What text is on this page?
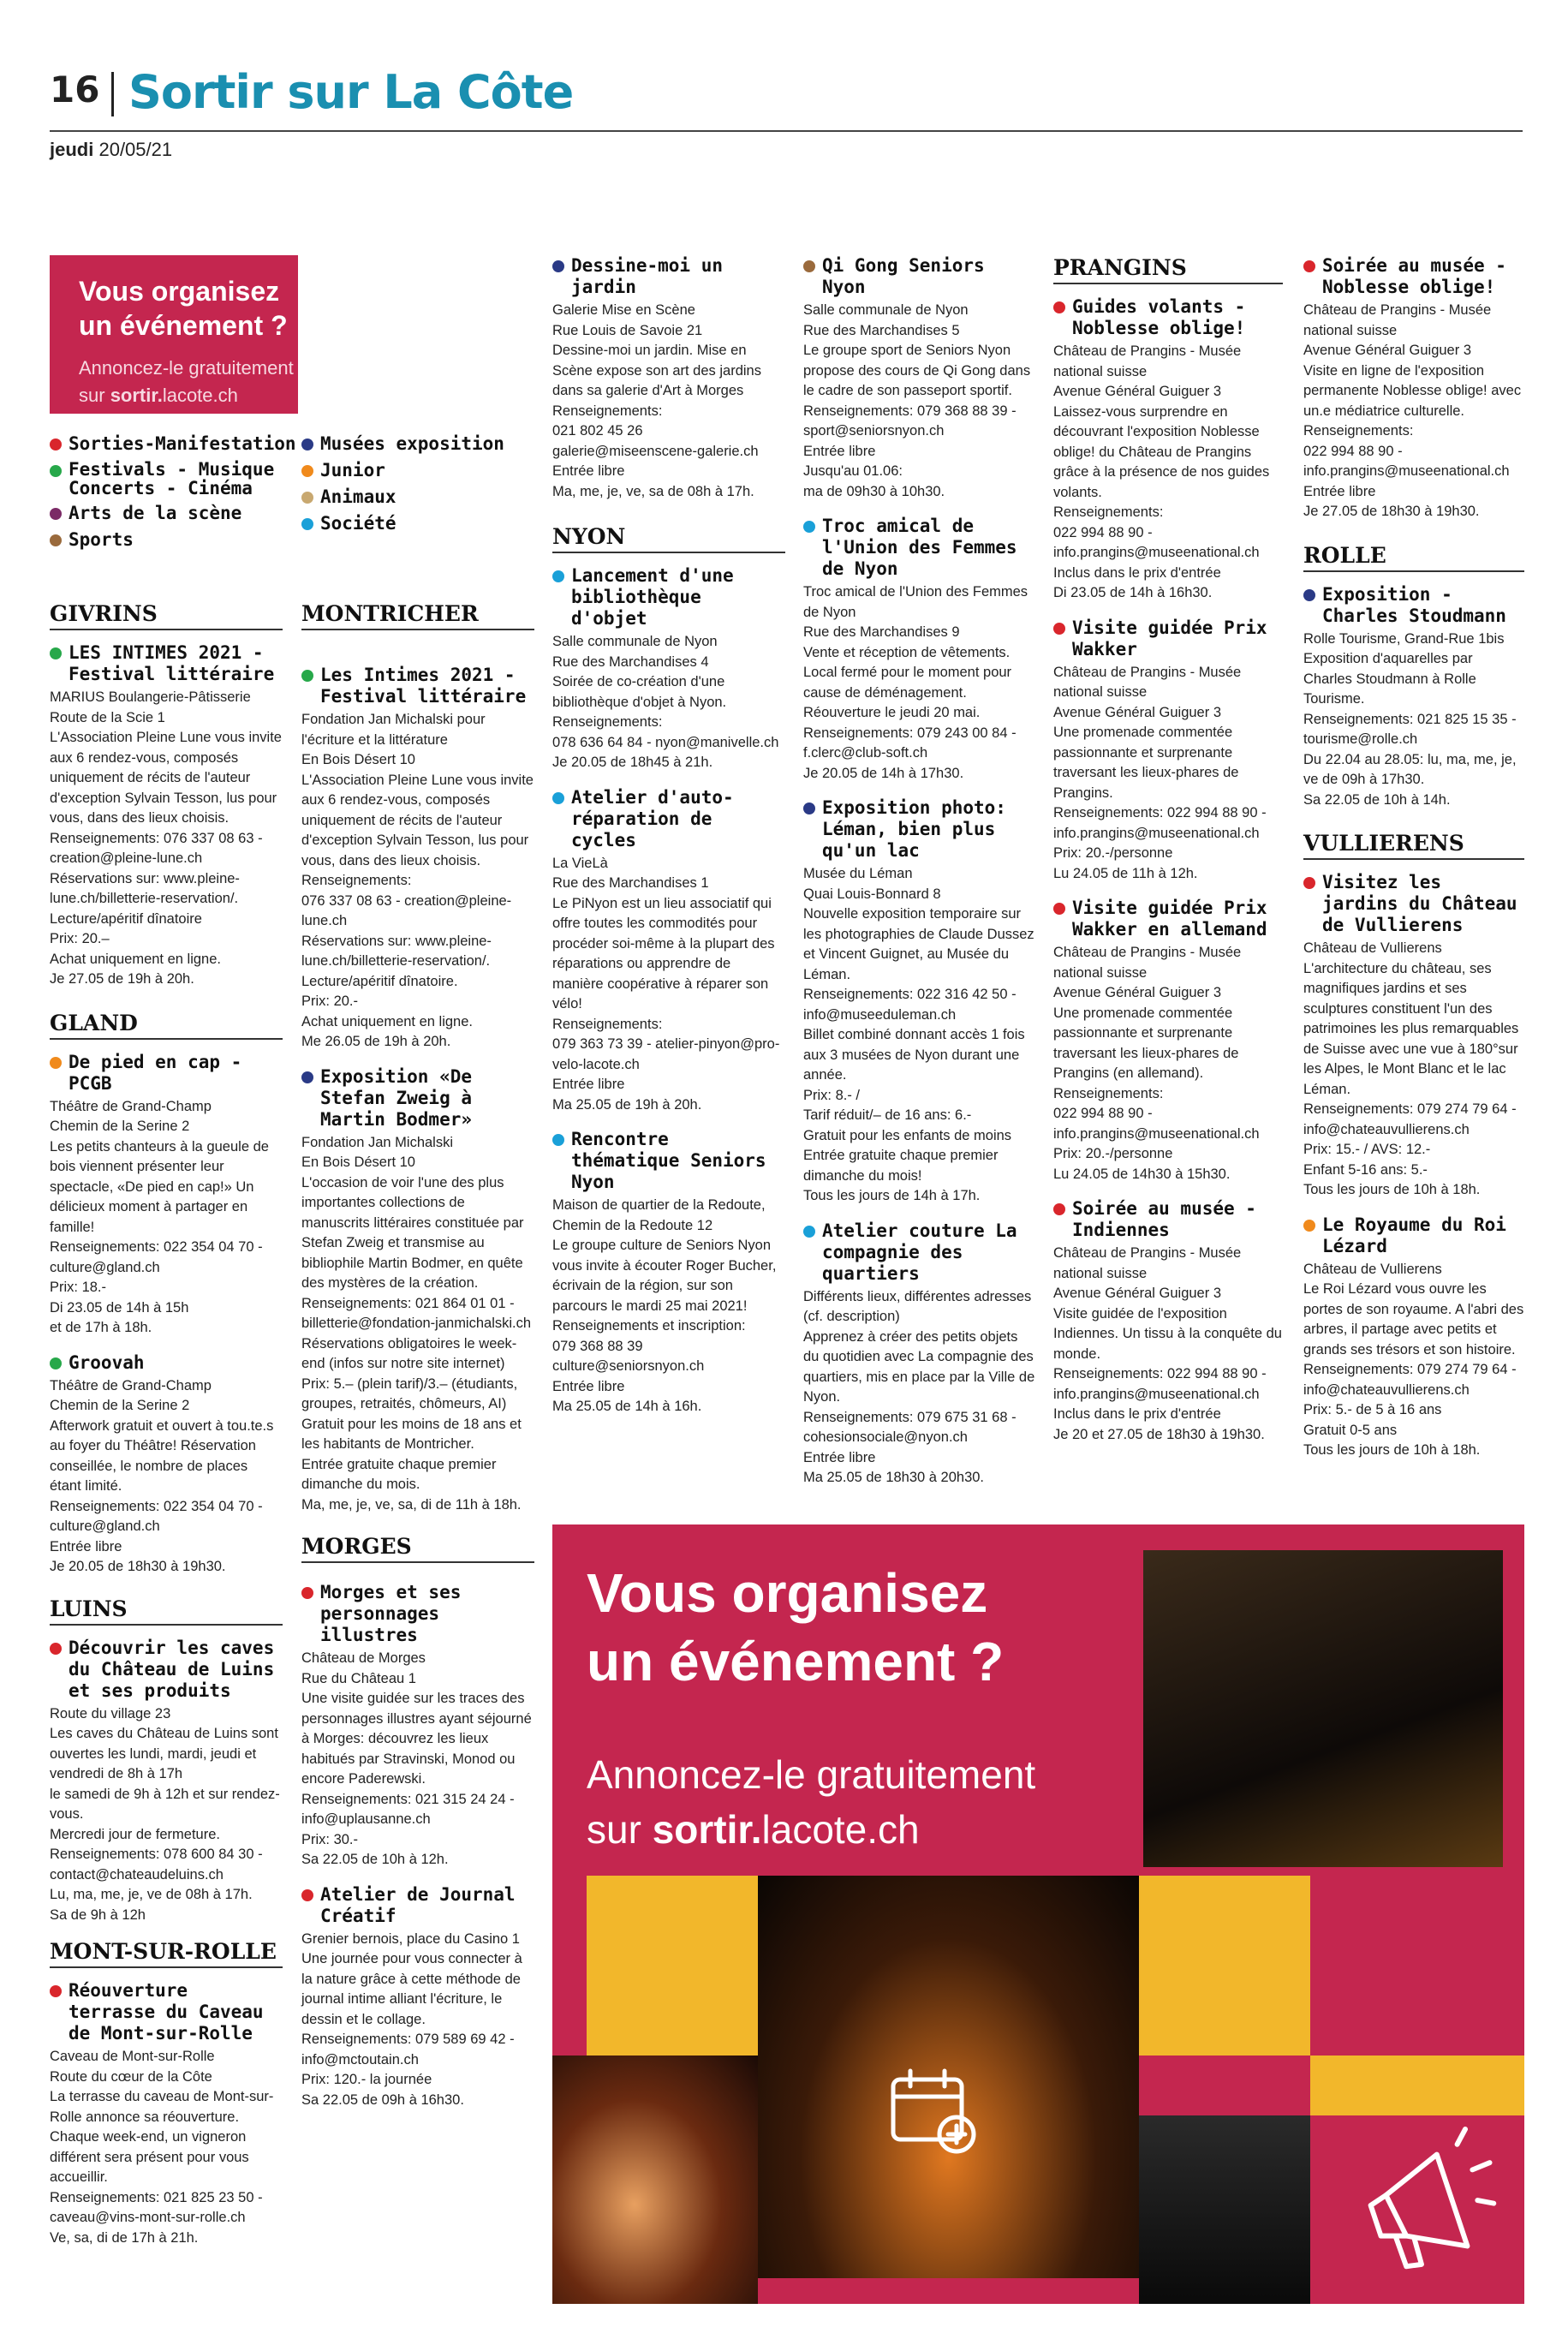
16 Sortir sur La Côte
jeudi 20/05/21
Vous organisez
un événement ?
Annoncez-le gratuitement
sur sortir.lacote.ch
Sorties-Manifestation
Festivals - Musique Concerts - Cinéma
Arts de la scène
Sports
Musées exposition
Junior
Animaux
Société
GIVRINS
LES INTIMES 2021 - Festival littéraire
MARIUS Boulangerie-Pâtisserie
Route de la Scie 1
L'Association Pleine Lune vous invite aux 6 rendez-vous, composés uniquement de récits de l'auteur d'exception Sylvain Tesson, lus pour vous, dans des lieux choisis.
Renseignements: 076 337 08 63 - creation@pleine-lune.ch
Réservations sur: www.pleine-lune.ch/billetterie-reservation/.
Lecture/apéritif dînatoire
Prix: 20.–
Achat uniquement en ligne.
Je 27.05 de 19h à 20h.
GLAND
De pied en cap - PCGB
Théâtre de Grand-Champ
Chemin de la Serine 2
Les petits chanteurs à la gueule de bois viennent présenter leur spectacle, «De pied en cap!» Un délicieux moment à partager en famille!
Renseignements: 022 354 04 70 - culture@gland.ch
Prix: 18.-
Di 23.05 de 14h à 15h
et de 17h à 18h.
Groovah
Théâtre de Grand-Champ
Chemin de la Serine 2
Afterwork gratuit et ouvert à tou.te.s au foyer du Théâtre! Réservation conseillée, le nombre de places étant limité.
Renseignements: 022 354 04 70 - culture@gland.ch
Entrée libre
Je 20.05 de 18h30 à 19h30.
LUINS
Découvrir les caves du Château de Luins et ses produits
Route du village 23
Les caves du Château de Luins sont ouvertes les lundi, mardi, jeudi et vendredi de 8h à 17h
le samedi de 9h à 12h et sur rendez-vous.
Mercredi jour de fermeture.
Renseignements: 078 600 84 30 - contact@chateaudeluins.ch
Lu, ma, me, je, ve de 08h à 17h.
Sa de 9h à 12h
MONT-SUR-ROLLE
Réouverture terrasse du Caveau de Mont-sur-Rolle
Caveau de Mont-sur-Rolle
Route du cœur de la Côte
La terrasse du caveau de Mont-sur-Rolle annonce sa réouverture. Chaque week-end, un vigneron différent sera présent pour vous accueillir.
Renseignements: 021 825 23 50 - caveau@vins-mont-sur-rolle.ch
Ve, sa, di de 17h à 21h.
MONTRICHER
Les Intimes 2021 - Festival littéraire
Fondation Jan Michalski pour l'écriture et la littérature
En Bois Désert 10
L'Association Pleine Lune vous invite aux 6 rendez-vous, composés uniquement de récits de l'auteur d'exception Sylvain Tesson, lus pour vous, dans des lieux choisis.
Renseignements:
076 337 08 63 - creation@pleine-lune.ch
Réservations sur: www.pleine-lune.ch/billetterie-reservation/.
Lecture/apéritif dînatoire.
Prix: 20.-
Achat uniquement en ligne.
Me 26.05 de 19h à 20h.
Exposition «De Stefan Zweig à Martin Bodmer»
Fondation Jan Michalski
En Bois Désert 10
L'occasion de voir l'une des plus importantes collections de manuscrits littéraires constituée par Stefan Zweig et transmise au bibliophile Martin Bodmer, en quête des mystères de la création.
Renseignements: 021 864 01 01 - billetterie@fondation-janmichalski.ch
Réservations obligatoires le week-end (infos sur notre site internet)
Prix: 5.– (plein tarif)/3.– (étudiants, groupes, retraités, chômeurs, AI)
Gratuit pour les moins de 18 ans et les habitants de Montricher.
Entrée gratuite chaque premier dimanche du mois.
Ma, me, je, ve, sa, di de 11h à 18h.
MORGES
Morges et ses personnages illustres
Château de Morges
Rue du Château 1
Une visite guidée sur les traces des personnages illustres ayant séjourné à Morges: découvrez les lieux habitués par Stravinski, Monod ou encore Paderewski.
Renseignements: 021 315 24 24 - info@uplausanne.ch
Prix: 30.-
Sa 22.05 de 10h à 12h.
Atelier de Journal Créatif
Grenier bernois, place du Casino 1
Une journée pour vous connecter à la nature grâce à cette méthode de journal intime alliant l'écriture, le dessin et le collage.
Renseignements: 079 589 69 42 - info@mctoutain.ch
Prix: 120.- la journée
Sa 22.05 de 09h à 16h30.
Dessine-moi un jardin
Galerie Mise en Scène
Rue Louis de Savoie 21
Dessine-moi un jardin. Mise en Scène expose son art des jardins dans sa galerie d'Art à Morges
Renseignements:
021 802 45 26
galerie@miseenscene-galerie.ch
Entrée libre
Ma, me, je, ve, sa de 08h à 17h.
NYON
Lancement d'une bibliothèque d'objet
Salle communale de Nyon
Rue des Marchandises 4
Soirée de co-création d'une bibliothèque d'objet à Nyon.
Renseignements:
078 636 64 84 - nyon@manivelle.ch
Je 20.05 de 18h45 à 21h.
Atelier d'auto-réparation de cycles
La VieLà
Rue des Marchandises 1
Le PiNyon est un lieu associatif qui offre toutes les commodités pour procéder soi-même à la plupart des réparations ou apprendre de manière coopérative à réparer son vélo!
Renseignements:
079 363 73 39 - atelier-pinyon@pro-velo-lacote.ch
Entrée libre
Ma 25.05 de 19h à 20h.
Rencontre thématique Seniors Nyon
Maison de quartier de la Redoute, Chemin de la Redoute 12
Le groupe culture de Seniors Nyon vous invite à écouter Roger Bucher, écrivain de la région, sur son parcours le mardi 25 mai 2021!
Renseignements et inscription:
079 368 88 39
culture@seniorsnyon.ch
Entrée libre
Ma 25.05 de 14h à 16h.
Qi Gong Seniors Nyon
Salle communale de Nyon
Rue des Marchandises 5
Le groupe sport de Seniors Nyon propose des cours de Qi Gong dans le cadre de son passeport sportif.
Renseignements: 079 368 88 39 - sport@seniorsnyon.ch
Entrée libre
Jusqu'au 01.06:
ma de 09h30 à 10h30.
Troc amical de l'Union des Femmes de Nyon
Troc amical de l'Union des Femmes de Nyon
Rue des Marchandises 9
Vente et réception de vêtements. Local fermé pour le moment pour cause de déménagement. Réouverture le jeudi 20 mai.
Renseignements: 079 243 00 84 - f.clerc@club-soft.ch
Je 20.05 de 14h à 17h30.
Exposition photo: Léman, bien plus qu'un lac
Musée du Léman
Quai Louis-Bonnard 8
Nouvelle exposition temporaire sur les photographies de Claude Dussez et Vincent Guignet, au Musée du Léman.
Renseignements: 022 316 42 50 - info@museeduleman.ch
Billet combiné donnant accès 1 fois aux 3 musées de Nyon durant une année.
Prix: 8.- /
Tarif réduit/– de 16 ans: 6.-
Gratuit pour les enfants de moins
Entrée gratuite chaque premier dimanche du mois!
Tous les jours de 14h à 17h.
Atelier couture La compagnie des quartiers
Différents lieux, différentes adresses (cf. description)
Apprenez à créer des petits objets du quotidien avec La compagnie des quartiers, mis en place par la Ville de Nyon.
Renseignements: 079 675 31 68 - cohesionsociale@nyon.ch
Entrée libre
Ma 25.05 de 18h30 à 20h30.
PRANGINS
Guides volants - Noblesse oblige!
Château de Prangins - Musée national suisse
Avenue Général Guiguer 3
Laissez-vous surprendre en découvrant l'exposition Noblesse oblige! du Château de Prangins grâce à la présence de nos guides volants.
Renseignements:
022 994 88 90 - info.prangins@museenational.ch
Inclus dans le prix d'entrée
Di 23.05 de 14h à 16h30.
Visite guidée Prix Wakker
Château de Prangins - Musée national suisse
Avenue Général Guiguer 3
Une promenade commentée passionnante et surprenante traversant les lieux-phares de Prangins.
Renseignements: 022 994 88 90 - info.prangins@museenational.ch
Prix: 20.-/personne
Lu 24.05 de 11h à 12h.
Visite guidée Prix Wakker en allemand
Château de Prangins - Musée national suisse
Avenue Général Guiguer 3
Une promenade commentée passionnante et surprenante traversant les lieux-phares de Prangins (en allemand).
Renseignements:
022 994 88 90 - info.prangins@museenational.ch
Prix: 20.-/personne
Lu 24.05 de 14h30 à 15h30.
Soirée au musée - Indiennes
Château de Prangins - Musée national suisse
Avenue Général Guiguer 3
Visite guidée de l'exposition Indiennes. Un tissu à la conquête du monde.
Renseignements: 022 994 88 90 - info.prangins@museenational.ch
Inclus dans le prix d'entrée
Je 20 et 27.05 de 18h30 à 19h30.
Soirée au musée - Noblesse oblige!
Château de Prangins - Musée national suisse
Avenue Général Guiguer 3
Visite en ligne de l'exposition permanente Noblesse oblige! avec un.e médiatrice culturelle.
Renseignements:
022 994 88 90 - info.prangins@museenational.ch
Entrée libre
Je 27.05 de 18h30 à 19h30.
ROLLE
Exposition - Charles Stoudmann
Rolle Tourisme, Grand-Rue 1bis
Exposition d'aquarelles par Charles Stoudmann à Rolle Tourisme.
Renseignements: 021 825 15 35 - tourisme@rolle.ch
Du 22.04 au 28.05: lu, ma, me, je, ve de 09h à 17h30.
Sa 22.05 de 10h à 14h.
VULLIERENS
Visitez les jardins du Château de Vullierens
Château de Vullierens
L'architecture du château, ses magnifiques jardins et ses sculptures constituent l'un des patrimoines les plus remarquables de Suisse avec une vue à 180°sur les Alpes, le Mont Blanc et le lac Léman.
Renseignements: 079 274 79 64 - info@chateauvullierens.ch
Prix: 15.- / AVS: 12.-
Enfant 5-16 ans: 5.-
Tous les jours de 10h à 18h.
Le Royaume du Roi Lézard
Château de Vullierens
Le Roi Lézard vous ouvre les portes de son royaume. A l'abri des arbres, il partage avec petits et grands ses trésors et son histoire.
Renseignements: 079 274 79 64 - info@chateauvullierens.ch
Prix: 5.- de 5 à 16 ans
Gratuit 0-5 ans
Tous les jours de 10h à 18h.
Vous organisez
un événement ?
Annoncez-le gratuitement
sur sortir.lacote.ch
